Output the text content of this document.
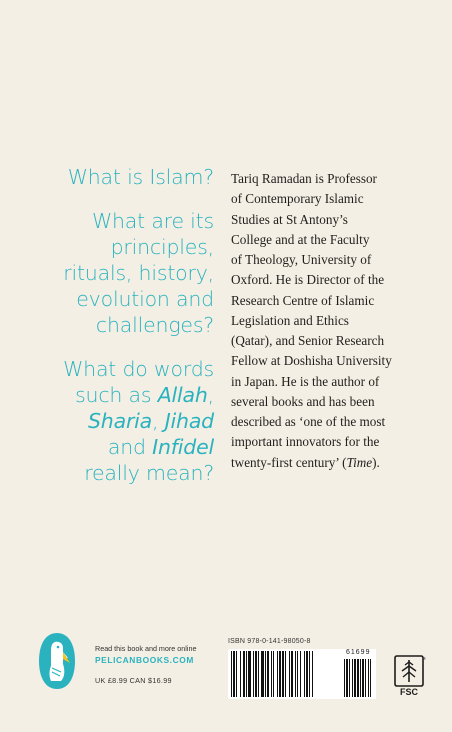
What is Islam?
What are its
principles,
rituals, history,
evolution and
challenges?
What do words
such as Allah,
Sharia, Jihad
and Infidel
really mean?
Tariq Ramadan is Professor
of Contemporary Islamic
Studies at St Antony’s
College and at the Faculty
of Theology, University of
Oxford. He is Director of the
Research Centre of Islamic
Legislation and Ethics
(Qatar), and Senior Research
Fellow at Doshisha University
in Japan. He is the author of
several books and has been
described as ‘one of the most
important innovators for the
twenty-first century’ (Time).
Read this book and more online
PELICANBOOKS.COM
UK £8.99 CAN $16.99
ISBN 978-0-141-98050-8
61699
FSC
®
